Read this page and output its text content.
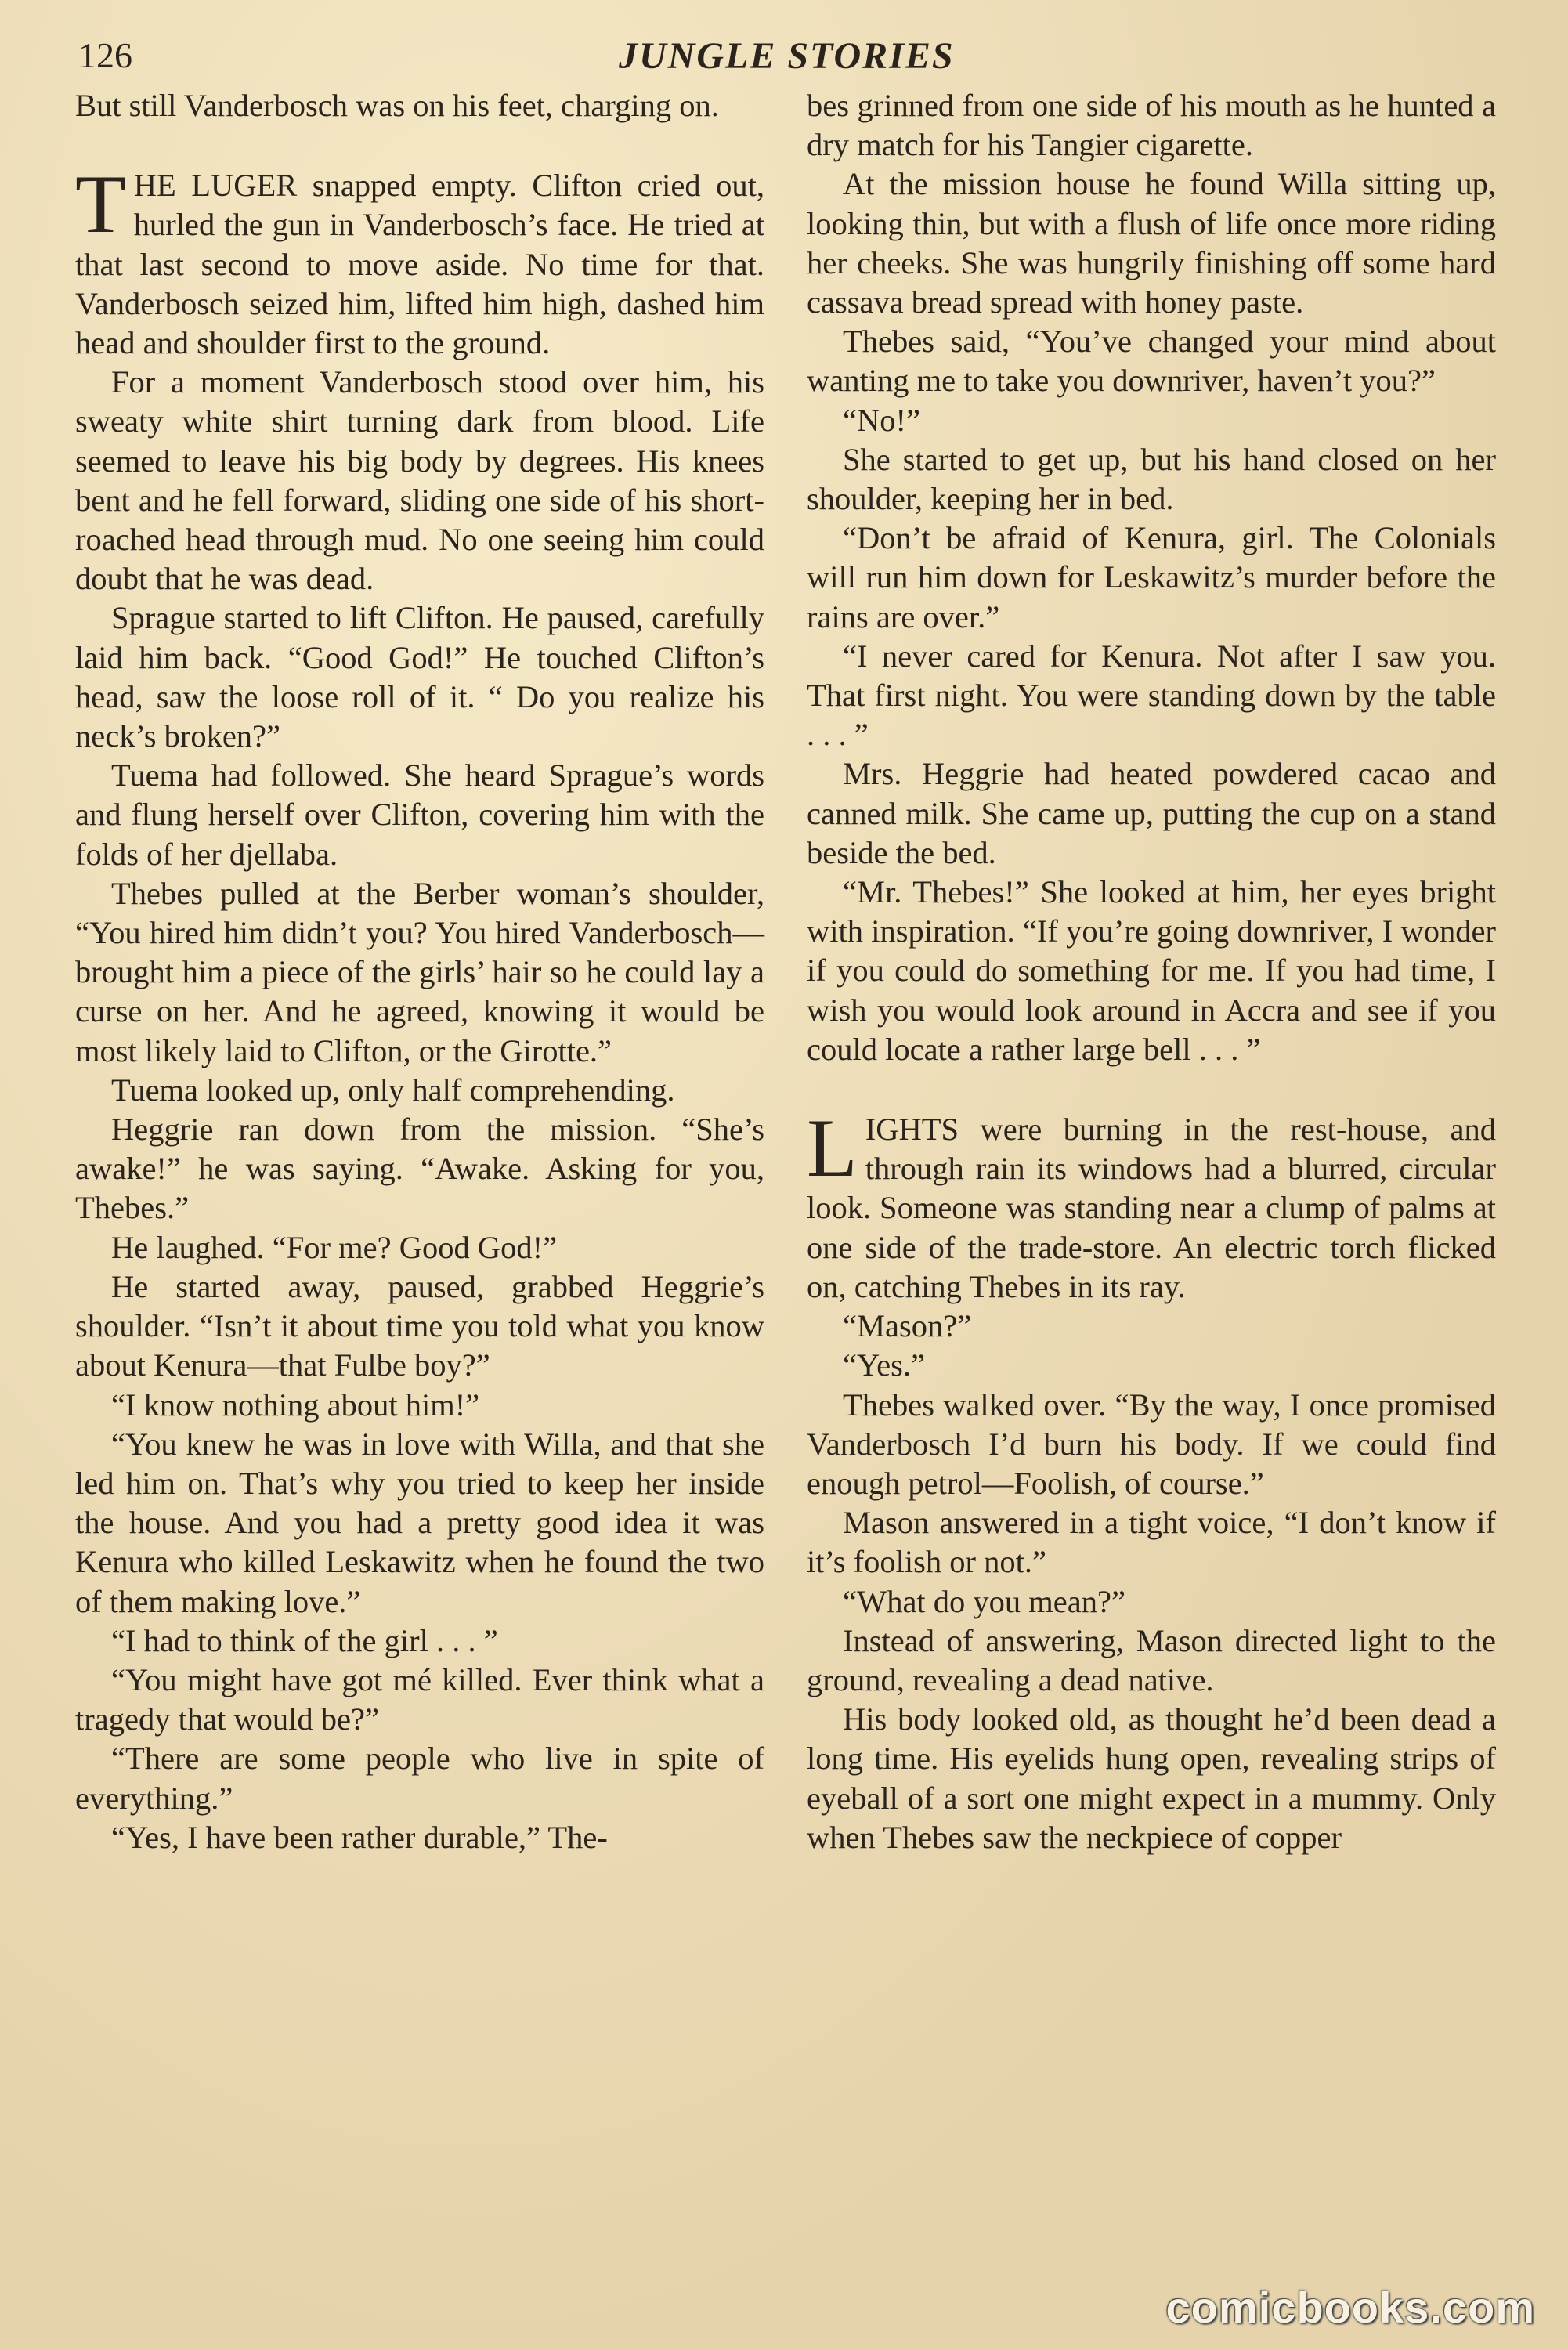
126	JUNGLE STORIES

But still Vanderbosch was on his feet, charging on.

THE LUGER snapped empty. Clifton cried out, hurled the gun in Vanderbosch’s face. He tried at that last second to move aside. No time for that. Vanderbosch seized him, lifted him high, dashed him head and shoulder first to the ground.

For a moment Vanderbosch stood over him, his sweaty white shirt turning dark from blood. Life seemed to leave his big body by degrees. His knees bent and he fell forward, sliding one side of his short-roached head through mud. No one seeing him could doubt that he was dead.

Sprague started to lift Clifton. He paused, carefully laid him back. “Good God!” He touched Clifton’s head, saw the loose roll of it. “ Do you realize his neck’s broken?”

Tuema had followed. She heard Sprague’s words and flung herself over Clifton, covering him with the folds of her djellaba.

Thebes pulled at the Berber woman’s shoulder, “You hired him didn’t you? You hired Vanderbosch—brought him a piece of the girls’ hair so he could lay a curse on her. And he agreed, knowing it would be most likely laid to Clifton, or the Girotte.”

Tuema looked up, only half comprehending.

Heggrie ran down from the mission. “She’s awake!” he was saying. “Awake. Asking for you, Thebes.”

He laughed. “For me? Good God!”

He started away, paused, grabbed Heggrie’s shoulder. “Isn’t it about time you told what you know about Kenura—that Fulbe boy?”

“I know nothing about him!”

“You knew he was in love with Willa, and that she led him on. That’s why you tried to keep her inside the house. And you had a pretty good idea it was Kenura who killed Leskawitz when he found the two of them making love.”

“I had to think of the girl . . . ”

“You might have got mé killed. Ever think what a tragedy that would be?”

“There are some people who live in spite of everything.”

“Yes, I have been rather durable,” The-

bes grinned from one side of his mouth as he hunted a dry match for his Tangier cigarette.

At the mission house he found Willa sitting up, looking thin, but with a flush of life once more riding her cheeks. She was hungrily finishing off some hard cassava bread spread with honey paste.

Thebes said, “You’ve changed your mind about wanting me to take you downriver, haven’t you?”

“No!”

She started to get up, but his hand closed on her shoulder, keeping her in bed.

“Don’t be afraid of Kenura, girl. The Colonials will run him down for Leskawitz’s murder before the rains are over.”

“I never cared for Kenura. Not after I saw you. That first night. You were standing down by the table . . . ”

Mrs. Heggrie had heated powdered cacao and canned milk. She came up, putting the cup on a stand beside the bed.

“Mr. Thebes!” She looked at him, her eyes bright with inspiration. “If you’re going downriver, I wonder if you could do something for me. If you had time, I wish you would look around in Accra and see if you could locate a rather large bell . . . ”

LIGHTS were burning in the rest-house, and through rain its windows had a blurred, circular look. Someone was standing near a clump of palms at one side of the trade-store. An electric torch flicked on, catching Thebes in its ray.

“Mason?”

“Yes.”

Thebes walked over. “By the way, I once promised Vanderbosch I’d burn his body. If we could find enough petrol—Foolish, of course.”

Mason answered in a tight voice, “I don’t know if it’s foolish or not.”

“What do you mean?”

Instead of answering, Mason directed light to the ground, revealing a dead native.

His body looked old, as thought he’d been dead a long time. His eyelids hung open, revealing strips of eyeball of a sort one might expect in a mummy. Only when Thebes saw the neckpiece of copper

comicbooks.com
